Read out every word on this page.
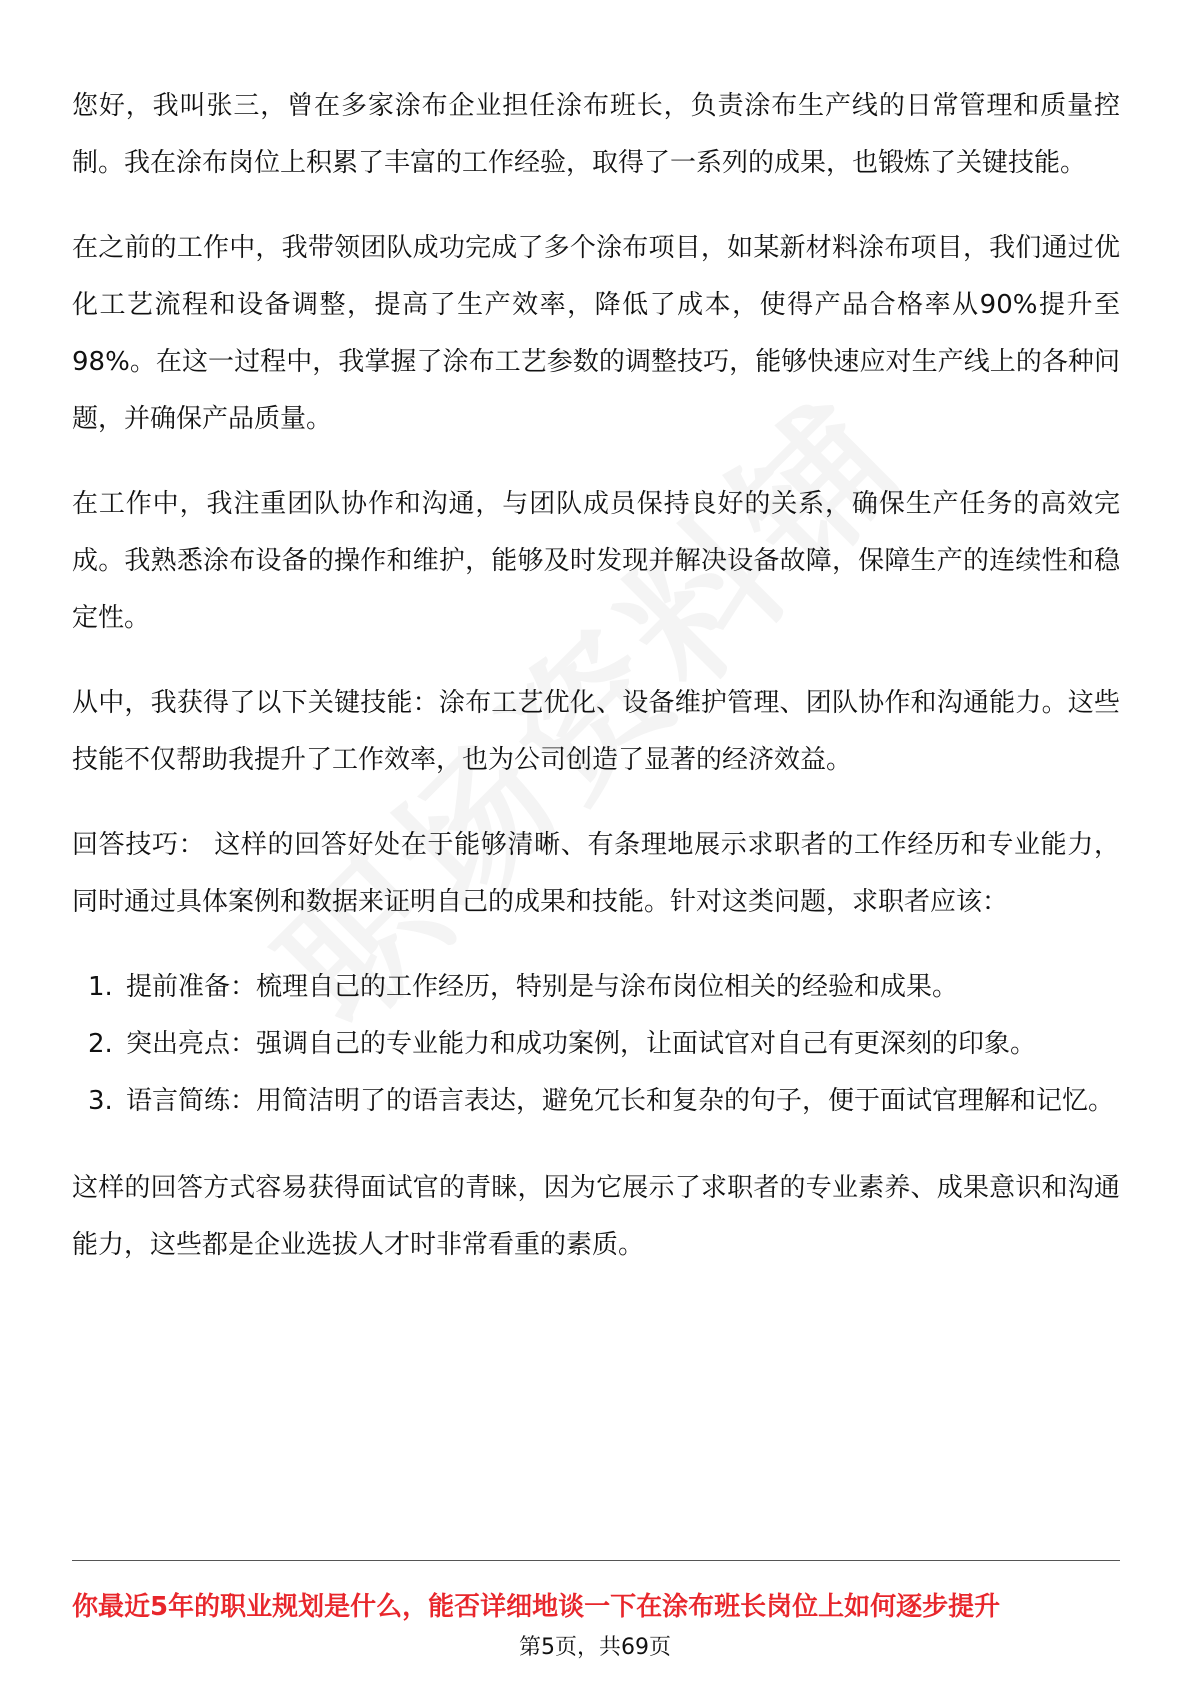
您好，我叫张三，曾在多家涂布企业担任涂布班长，负责涂布生产线的日常管理和质量控制。我在涂布岗位上积累了丰富的工作经验，取得了一系列的成果，也锻炼了关键技能。

在之前的工作中，我带领团队成功完成了多个涂布项目，如某新材料涂布项目，我们通过优化工艺流程和设备调整，提高了生产效率，降低了成本，使得产品合格率从90%提升至98%。在这一过程中，我掌握了涂布工艺参数的调整技巧，能够快速应对生产线上的各种问题，并确保产品质量。

在工作中，我注重团队协作和沟通，与团队成员保持良好的关系，确保生产任务的高效完成。我熟悉涂布设备的操作和维护，能够及时发现并解决设备故障，保障生产的连续性和稳定性。

从中，我获得了以下关键技能：涂布工艺优化、设备维护管理、团队协作和沟通能力。这些技能不仅帮助我提升了工作效率，也为公司创造了显著的经济效益。

回答技巧： 这样的回答好处在于能够清晰、有条理地展示求职者的工作经历和专业能力，同时通过具体案例和数据来证明自己的成果和技能。针对这类问题，求职者应该：

1. 提前准备：梳理自己的工作经历，特别是与涂布岗位相关的经验和成果。
2. 突出亮点：强调自己的专业能力和成功案例，让面试官对自己有更深刻的印象。
3. 语言简练：用简洁明了的语言表达，避免冗长和复杂的句子，便于面试官理解和记忆。

这样的回答方式容易获得面试官的青睐，因为它展示了求职者的专业素养、成果意识和沟通能力，这些都是企业选拔人才时非常看重的素质。

你最近5年的职业规划是什么，能否详细地谈一下在涂布班长岗位上如何逐步提升
第5页，共69页
